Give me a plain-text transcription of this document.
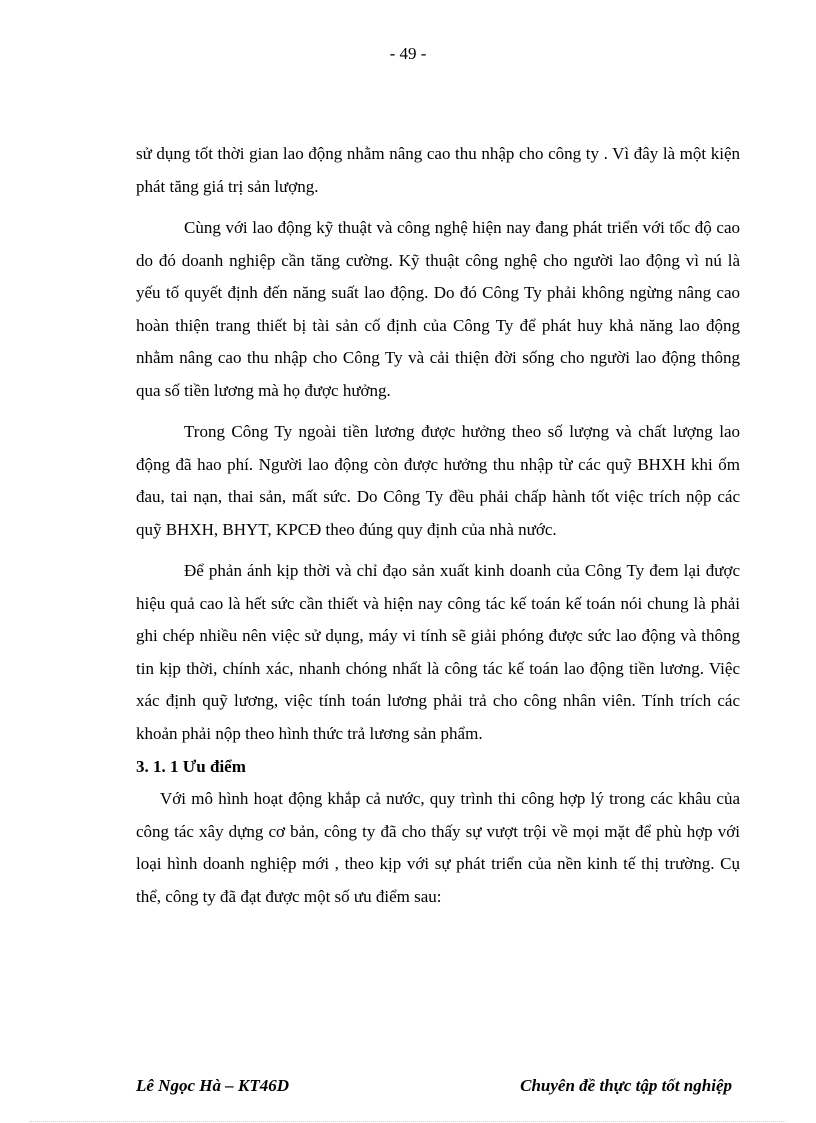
- 49 -

sử dụng tốt thời gian lao động nhằm nâng cao thu nhập cho công ty . Vì đây là một kiện phát tăng giá trị sản lượng.

Cùng với lao động kỹ thuật và công nghệ hiện nay đang phát triển với tốc độ cao do đó doanh nghiệp cần tăng cường. Kỹ thuật công nghệ cho người lao động vì nú là yếu tố quyết định đến năng suất lao động. Do đó Công Ty phải không ngừng nâng cao hoàn thiện trang thiết bị tài sản cố định của Công Ty để phát huy khả năng lao động nhằm nâng cao thu nhập cho Công Ty và cải thiện đời sống cho người lao động thông qua số tiền lương mà họ được hưởng.

Trong Công Ty ngoài tiền lương được hưởng theo số lượng và chất lượng lao động đã hao phí. Người lao động còn được hưởng thu nhập từ các quỹ BHXH khi ốm đau, tai nạn, thai sản, mất sức. Do Công Ty đều phải chấp hành tốt việc trích nộp các quỹ BHXH, BHYT, KPCĐ theo đúng quy định của nhà nước.

Để phản ánh kịp thời và chỉ đạo sản xuất kinh doanh của Công Ty đem lại được hiệu quả cao là hết sức cần thiết và hiện nay công tác kế toán kế toán nói chung là phải ghi chép nhiều nên việc sử dụng, máy vi tính sẽ giải phóng được sức lao động và thông tin kịp thời, chính xác, nhanh chóng nhất là công tác kế toán lao động tiền lương. Việc xác định quỹ lương, việc tính toán lương phải trả cho công nhân viên. Tính trích các khoản phải nộp theo hình thức trả lương sản phẩm.

3. 1. 1 Ưu điểm

Với mô hình hoạt động khắp cả nước, quy trình thi công hợp lý trong các khâu của công tác xây dựng cơ bản, công ty đã cho thấy sự vượt trội về mọi mặt để phù hợp với loại hình doanh nghiệp mới , theo kịp với sự phát triển của nền kinh tế thị trường. Cụ thể, công ty đã đạt được một số ưu điểm sau:

Lê Ngọc Hà – KT46D	Chuyên đề thực tập tốt nghiệp
